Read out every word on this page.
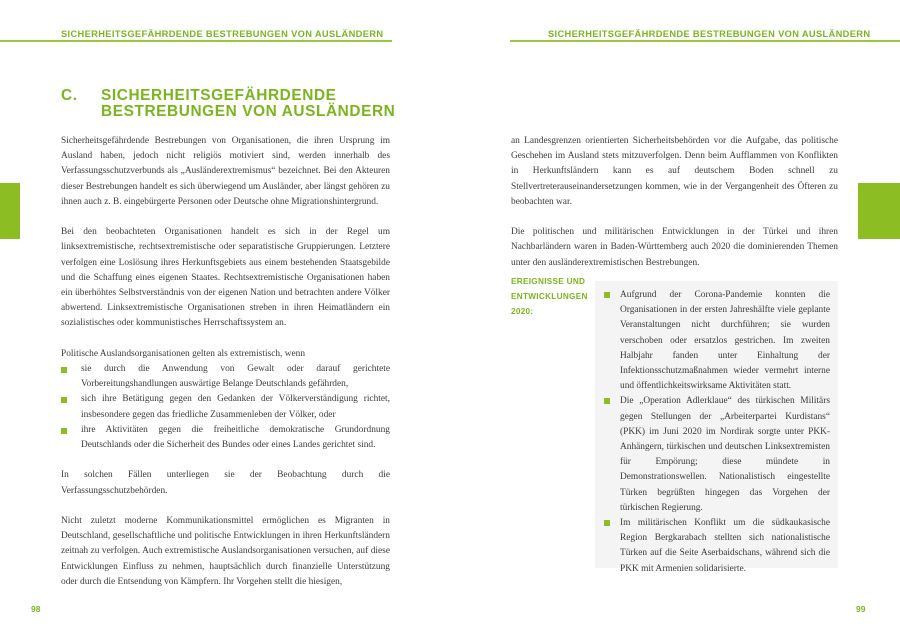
SICHERHEITSGEFÄHRDENDE BESTREBUNGEN VON AUSLÄNDERN	SICHERHEITSGEFÄHRDENDE BESTREBUNGEN VON AUSLÄNDERN
C. SICHERHEITSGEFÄHRDENDE BESTREBUNGEN VON AUSLÄNDERN

Sicherheitsgefährdende Bestrebungen von Organisationen, die ihren Ursprung im Ausland haben, jedoch nicht religiös motiviert sind, werden innerhalb des Verfassungsschutzverbunds als „Ausländerextremismus“ bezeichnet. Bei den Akteuren dieser Bestrebungen handelt es sich überwiegend um Ausländer, aber längst gehören zu ihnen auch z. B. eingebürgerte Personen oder Deutsche ohne Migrationshintergrund.

Bei den beobachteten Organisationen handelt es sich in der Regel um linksextremistische, rechtsextremistische oder separatistische Gruppierungen. Letztere verfolgen eine Loslösung ihres Herkunftsgebiets aus einem bestehenden Staatsgebilde und die Schaffung eines eigenen Staates. Rechtsextremistische Organisationen haben ein überhöhtes Selbstverständnis von der eigenen Nation und betrachten andere Völker abwertend. Linksextremistische Organisationen streben in ihren Heimatländern ein sozialistisches oder kommunistisches Herrschaftssystem an.

Politische Auslandsorganisationen gelten als extremistisch, wenn

sie durch die Anwendung von Gewalt oder darauf gerichtete Vorbereitungshandlungen auswärtige Belange Deutschlands gefährden,
sich ihre Betätigung gegen den Gedanken der Völkerverständigung richtet, insbesondere gegen das friedliche Zusammenleben der Völker, oder
ihre Aktivitäten gegen die freiheitliche demokratische Grundordnung Deutschlands oder die Sicherheit des Bundes oder eines Landes gerichtet sind.

In solchen Fällen unterliegen sie der Beobachtung durch die Verfassungsschutzbehörden.

Nicht zuletzt moderne Kommunikationsmittel ermöglichen es Migranten in Deutschland, gesellschaftliche und politische Entwicklungen in ihren Herkunftsländern zeitnah zu verfolgen. Auch extremistische Auslandsorganisationen versuchen, auf diese Entwicklungen Einfluss zu nehmen, hauptsächlich durch finanzielle Unterstützung oder durch die Entsendung von Kämpfern. Ihr Vorgehen stellt die hiesigen,

an Landesgrenzen orientierten Sicherheitsbehörden vor die Aufgabe, das politische Geschehen im Ausland stets mitzuverfolgen. Denn beim Aufflammen von Konflikten in Herkunftsländern kann es auf deutschem Boden schnell zu Stellvertreterauseinandersetzungen kommen, wie in der Vergangenheit des Öfteren zu beobachten war.

Die politischen und militärischen Entwicklungen in der Türkei und ihren Nachbarländern waren in Baden-Württemberg auch 2020 die dominierenden Themen unter den ausländerextremistischen Bestrebungen.

EREIGNISSE UND ENTWICKLUNGEN 2020:
Aufgrund der Corona-Pandemie konnten die Organisationen in der ersten Jahreshälfte viele geplante Veranstaltungen nicht durchführen; sie wurden verschoben oder ersatzlos gestrichen. Im zweiten Halbjahr fanden unter Einhaltung der Infektionsschutzmaßnahmen wieder vermehrt interne und öffentlichkeitswirksame Aktivitäten statt.
Die „Operation Adlerklaue“ des türkischen Militärs gegen Stellungen der „Arbeiterpartei Kurdistans“ (PKK) im Juni 2020 im Nordirak sorgte unter PKK-Anhängern, türkischen und deutschen Linksextremisten für Empörung; diese mündete in Demonstrationswellen. Nationalistisch eingestellte Türken begrüßten hingegen das Vorgehen der türkischen Regierung.
Im militärischen Konflikt um die südkaukasische Region Bergkarabach stellten sich nationalistische Türken auf die Seite Aserbaidschans, während sich die PKK mit Armenien solidarisierte.
98	99
